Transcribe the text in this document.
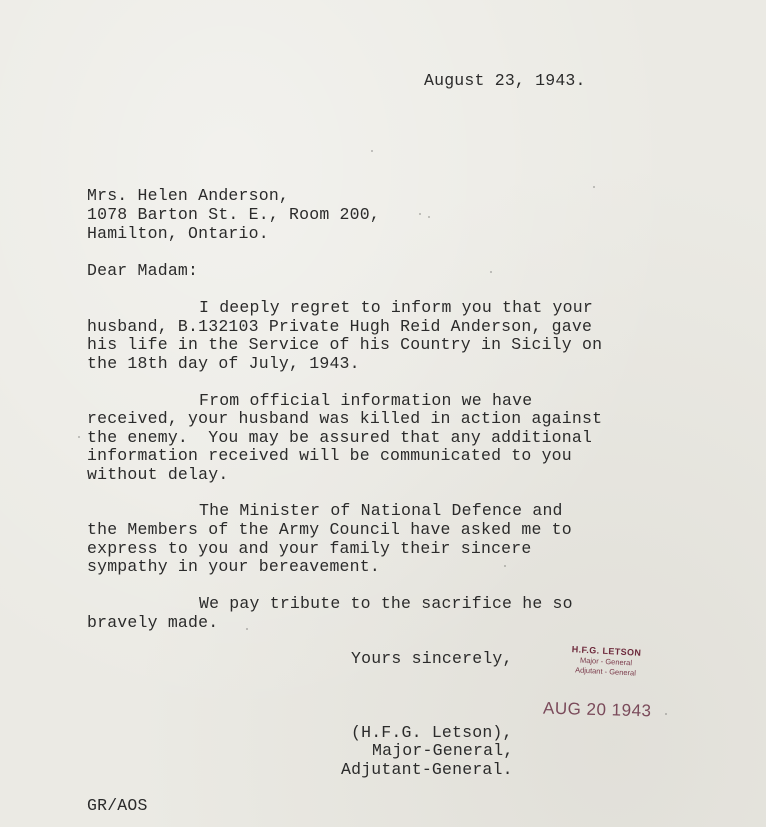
August 23, 1943.
Mrs. Helen Anderson,
1078 Barton St. E., Room 200,
Hamilton, Ontario.
Dear Madam:
I deeply regret to inform you that your
husband, B.132103 Private Hugh Reid Anderson, gave
his life in the Service of his Country in Sicily on
the 18th day of July, 1943.
From official information we have
received, your husband was killed in action against
the enemy.  You may be assured that any additional
information received will be communicated to you
without delay.
The Minister of National Defence and
the Members of the Army Council have asked me to
express to you and your family their sincere
sympathy in your bereavement.
We pay tribute to the sacrifice he so
bravely made.
Yours sincerely,	H.F.G. LETSON
Major - General
Adjutant - General
AUG 20 1943
(H.F.G. Letson),
Major-General,
Adjutant-General.
GR/AOS
